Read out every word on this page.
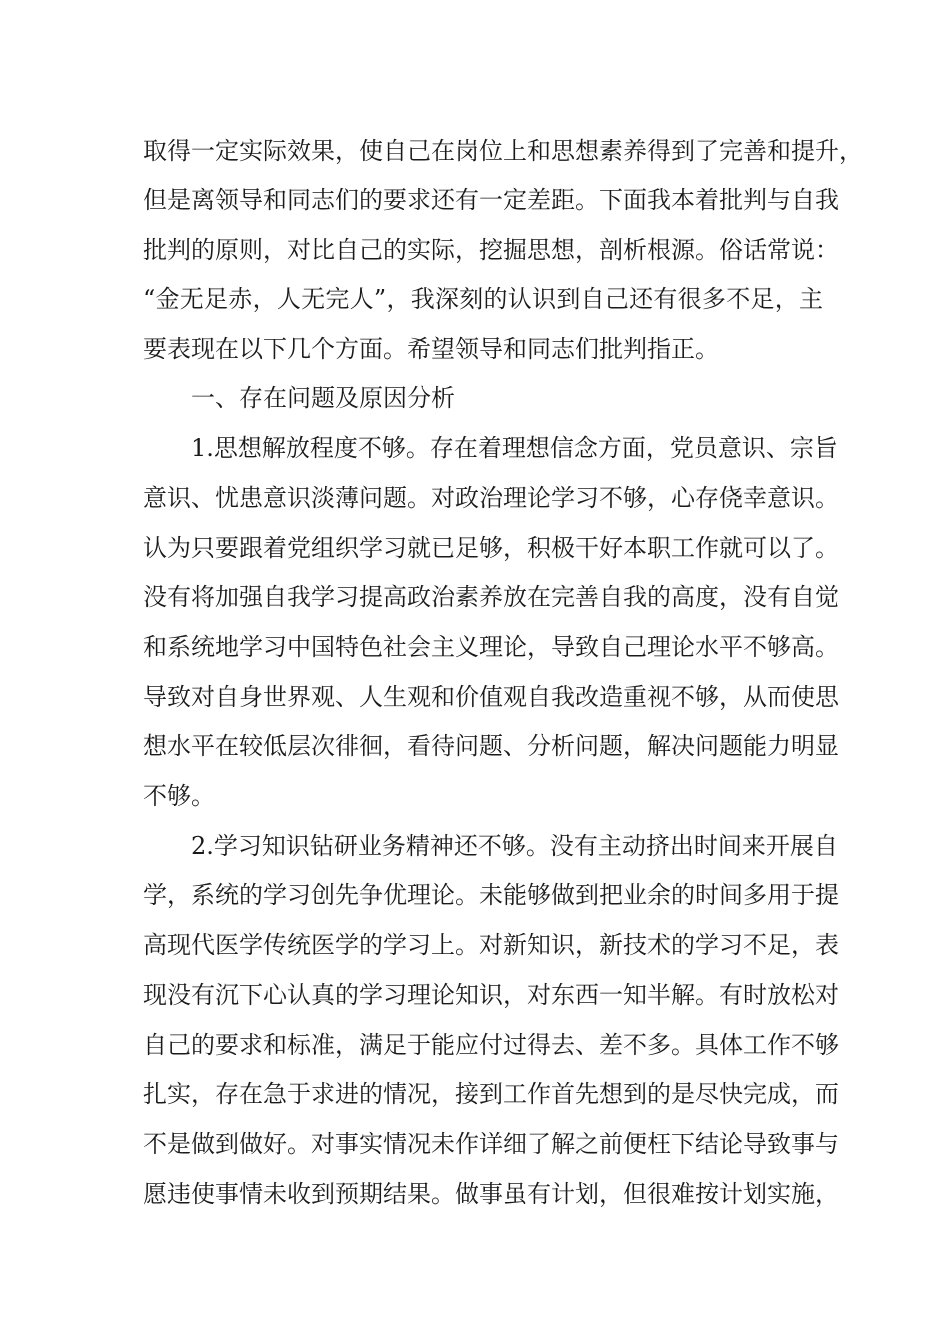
取得一定实际效果，使自己在岗位上和思想素养得到了完善和提升，

但是离领导和同志们的要求还有一定差距。下面我本着批判与自我

批判的原则，对比自己的实际，挖掘思想，剖析根源。俗话常说：

“金无足赤，人无完人”，我深刻的认识到自己还有很多不足，主

要表现在以下几个方面。希望领导和同志们批判指正。

一、存在问题及原因分析

1.思想解放程度不够。存在着理想信念方面，党员意识、宗旨

意识、忧患意识淡薄问题。对政治理论学习不够，心存侥幸意识。

认为只要跟着党组织学习就已足够，积极干好本职工作就可以了。

没有将加强自我学习提高政治素养放在完善自我的高度，没有自觉

和系统地学习中国特色社会主义理论，导致自己理论水平不够高。

导致对自身世界观、人生观和价值观自我改造重视不够，从而使思

想水平在较低层次徘徊，看待问题、分析问题，解决问题能力明显

不够。

2.学习知识钻研业务精神还不够。没有主动挤出时间来开展自

学，系统的学习创先争优理论。未能够做到把业余的时间多用于提

高现代医学传统医学的学习上。对新知识，新技术的学习不足，表

现没有沉下心认真的学习理论知识，对东西一知半解。有时放松对

自己的要求和标准，满足于能应付过得去、差不多。具体工作不够

扎实，存在急于求进的情况，接到工作首先想到的是尽快完成，而

不是做到做好。对事实情况未作详细了解之前便枉下结论导致事与

愿违使事情未收到预期结果。做事虽有计划，但很难按计划实施，
